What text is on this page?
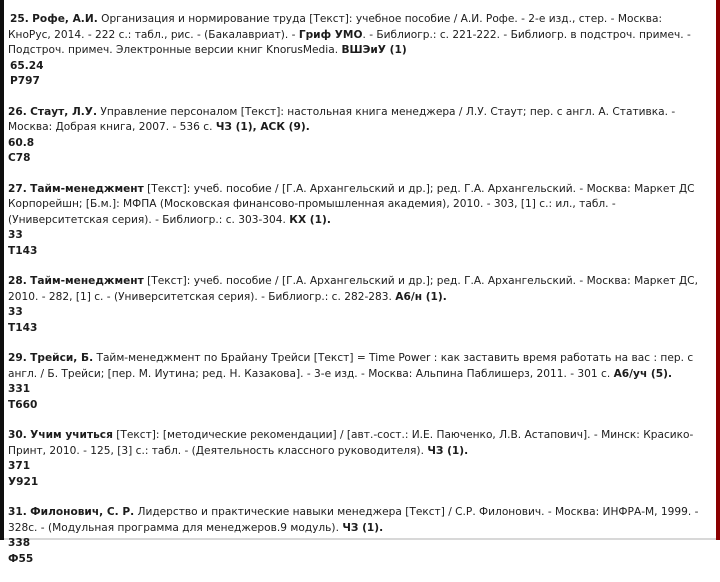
25. Рофе, А.И. Организация и нормирование труда [Текст]: учебное пособие / А.И. Рофе. - 2-е изд., стер. - Москва: КноРус, 2014. - 222 с.: табл., рис. - (Бакалавриат). - Гриф УМО. - Библиогр.: с. 221-222. - Библиогр. в подстроч. примеч. - Подстроч. примеч. Электронные версии книг KnorusMedia. ВШЭиУ (1)
65.24
Р797
26. Стаут, Л.У. Управление персоналом [Текст]: настольная книга менеджера / Л.У. Стаут; пер. с англ. А. Стативка. - Москва: Добрая книга, 2007. - 536 с. ЧЗ (1), АСК (9).
60.8
С78
27. Тайм-менеджмент [Текст]: учеб. пособие / [Г.А. Архангельский и др.]; ред. Г.А. Архангельский. - Москва: Маркет ДС Корпорейшн; [Б.м.]: МФПА (Московская финансово-промышленная академия), 2010. - 303, [1] с.: ил., табл. - (Университетская серия). - Библиогр.: с. 303-304. КХ (1).
33
Т143
28. Тайм-менеджмент [Текст]: учеб. пособие / [Г.А. Архангельский и др.]; ред. Г.А. Архангельский. - Москва: Маркет ДС, 2010. - 282, [1] с. - (Университетская серия). - Библиогр.: с. 282-283. А6/н (1).
33
Т143
29. Трейси, Б. Тайм-менеджмент по Брайану Трейси [Текст] = Time Power : как заставить время работать на вас : пер. с англ. / Б. Трейси; [пер. М. Иутина; ред. Н. Казакова]. - 3-е изд. - Москва: Альпина Паблишерз, 2011. - 301 с. А6/уч (5).
331
Т660
30. Учим учиться [Текст]: [методические рекомендации] / [авт.-сост.: И.Е. Паюченко, Л.В. Астапович]. - Минск: Красико-Принт, 2010. - 125, [3] с.: табл. - (Деятельность классного руководителя). ЧЗ (1).
371
У921
31. Филонович, С. Р. Лидерство и практические навыки менеджера [Текст] / С.Р. Филонович. - Москва: ИНФРА-М, 1999. - 328с. - (Модульная программа для менеджеров.9 модуль). ЧЗ (1).
338
Ф55
